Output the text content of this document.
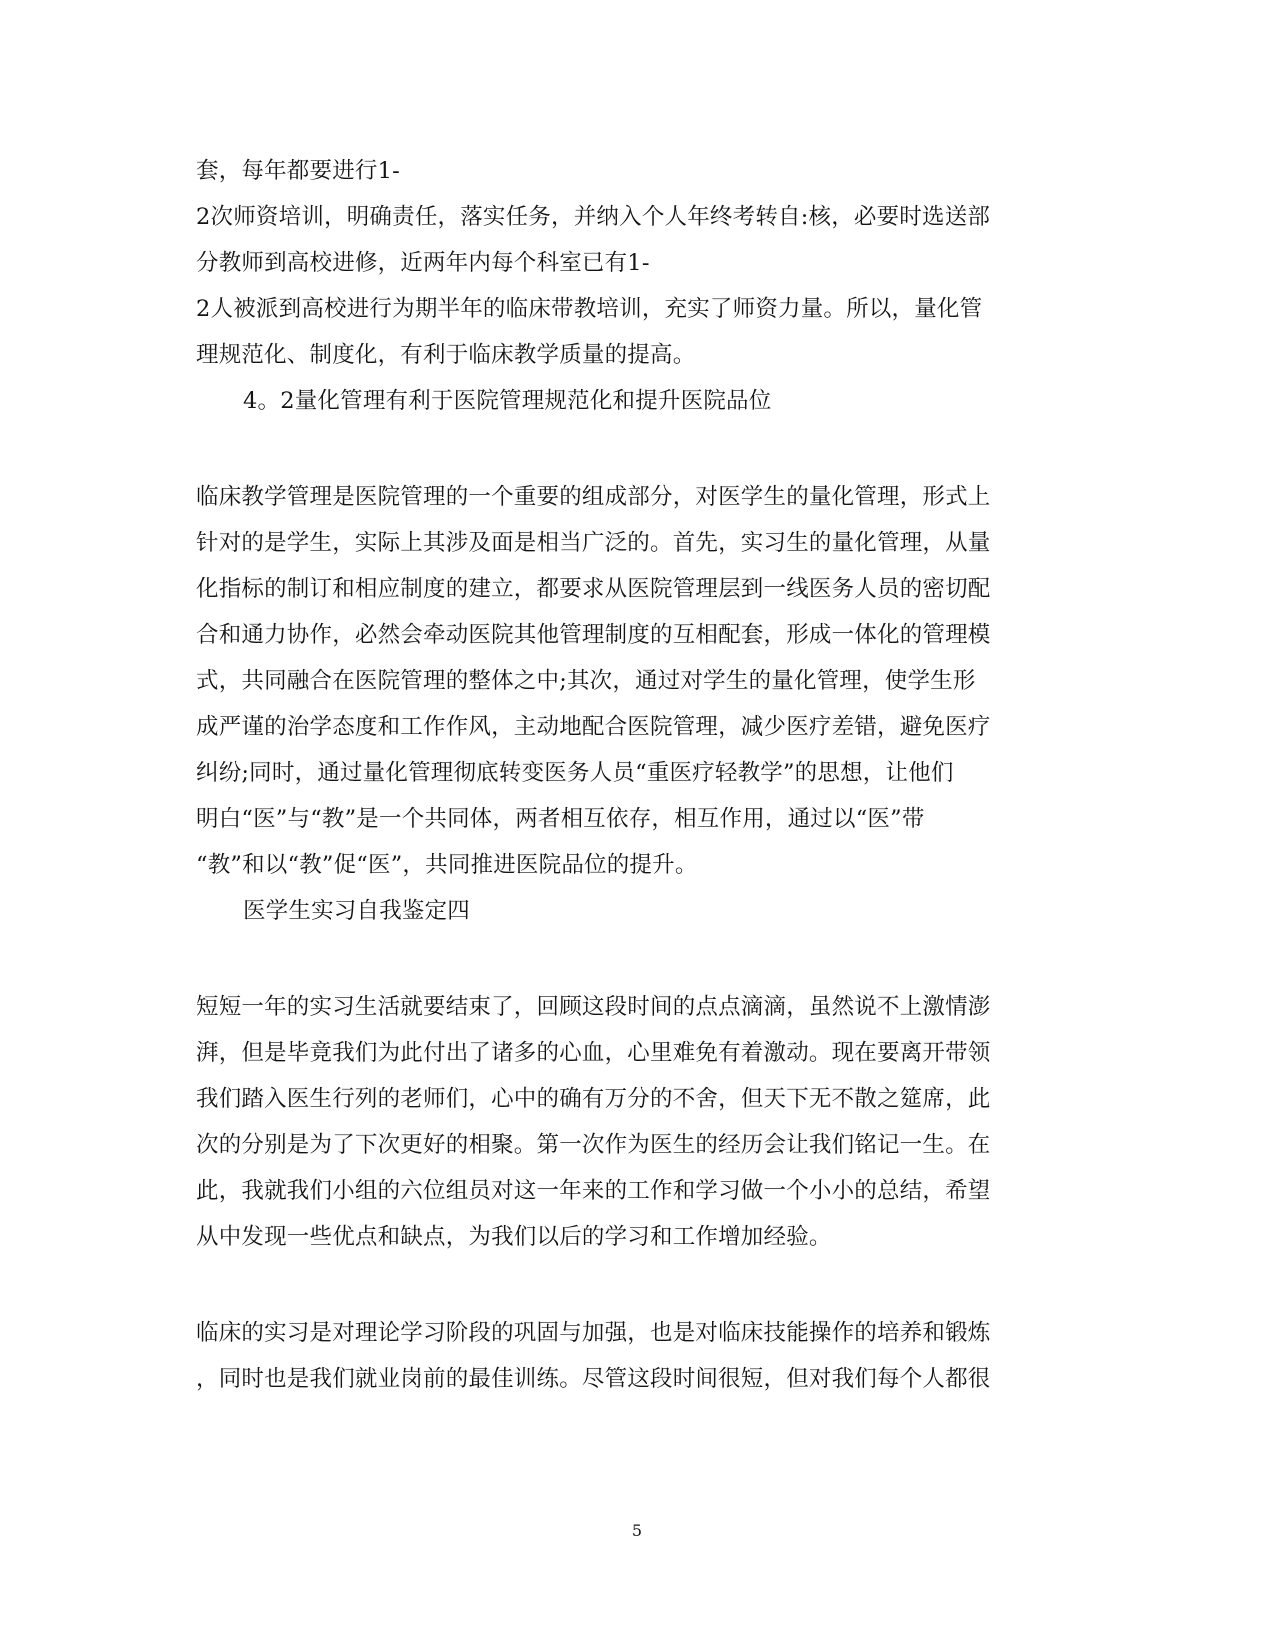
套，每年都要进行1-
2次师资培训，明确责任，落实任务，并纳入个人年终考转自:核，必要时选送部
分教师到高校进修，近两年内每个科室已有1-
2人被派到高校进行为期半年的临床带教培训，充实了师资力量。所以，量化管
理规范化、制度化，有利于临床教学质量的提高。
4。2量化管理有利于医院管理规范化和提升医院品位
临床教学管理是医院管理的一个重要的组成部分，对医学生的量化管理，形式上
针对的是学生，实际上其涉及面是相当广泛的。首先，实习生的量化管理，从量
化指标的制订和相应制度的建立，都要求从医院管理层到一线医务人员的密切配
合和通力协作，必然会牵动医院其他管理制度的互相配套，形成一体化的管理模
式，共同融合在医院管理的整体之中;其次，通过对学生的量化管理，使学生形
成严谨的治学态度和工作作风，主动地配合医院管理，减少医疗差错，避免医疗
纠纷;同时，通过量化管理彻底转变医务人员“重医疗轻教学”的思想，让他们
明白“医”与“教”是一个共同体，两者相互依存，相互作用，通过以“医”带
“教”和以“教”促“医”，共同推进医院品位的提升。
医学生实习自我鉴定四
短短一年的实习生活就要结束了，回顾这段时间的点点滴滴，虽然说不上激情澎
湃，但是毕竟我们为此付出了诸多的心血，心里难免有着激动。现在要离开带领
我们踏入医生行列的老师们，心中的确有万分的不舍，但天下无不散之筵席，此
次的分别是为了下次更好的相聚。第一次作为医生的经历会让我们铭记一生。在
此，我就我们小组的六位组员对这一年来的工作和学习做一个小小的总结，希望
从中发现一些优点和缺点，为我们以后的学习和工作增加经验。
临床的实习是对理论学习阶段的巩固与加强，也是对临床技能操作的培养和锻炼
，同时也是我们就业岗前的最佳训练。尽管这段时间很短，但对我们每个人都很
5
